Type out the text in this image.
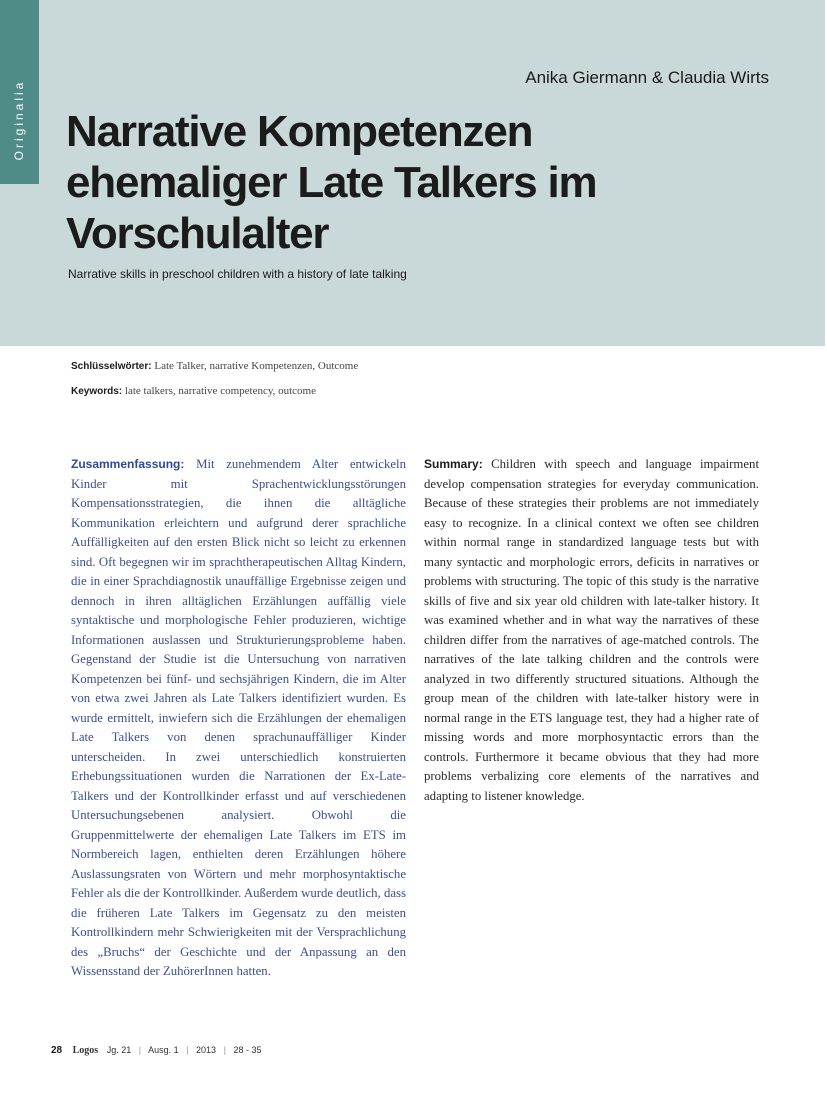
Originalia
Anika Giermann & Claudia Wirts
Narrative Kompetenzen ehemaliger Late Talkers im Vorschulalter
Narrative skills in preschool children with a history of late talking
Schlüsselwörter: Late Talker, narrative Kompetenzen, Outcome
Keywords: late talkers, narrative competency, outcome
Zusammenfassung: Mit zunehmendem Alter entwickeln Kinder mit Sprachentwicklungsstörungen Kompensationsstrategien, die ihnen die alltägliche Kommunikation erleichtern und aufgrund derer sprachliche Auffälligkeiten auf den ersten Blick nicht so leicht zu erkennen sind. Oft begegnen wir im sprachtherapeutischen Alltag Kindern, die in einer Sprachdiagnostik unauffällige Ergebnisse zeigen und dennoch in ihren alltäglichen Erzählungen auffällig viele syntaktische und morphologische Fehler produzieren, wichtige Informationen auslassen und Strukturierungsprobleme haben. Gegenstand der Studie ist die Untersuchung von narrativen Kompetenzen bei fünf- und sechsjährigen Kindern, die im Alter von etwa zwei Jahren als Late Talkers identifiziert wurden. Es wurde ermittelt, inwiefern sich die Erzählungen der ehemaligen Late Talkers von denen sprachunauffälliger Kinder unterscheiden. In zwei unterschiedlich konstruierten Erhebungssituationen wurden die Narrationen der Ex-Late-Talkers und der Kontrollkinder erfasst und auf verschiedenen Untersuchungsebenen analysiert. Obwohl die Gruppenmittelwerte der ehemaligen Late Talkers im ETS im Normbereich lagen, enthielten deren Erzählungen höhere Auslassungsraten von Wörtern und mehr morphosyntaktische Fehler als die der Kontrollkinder. Außerdem wurde deutlich, dass die früheren Late Talkers im Gegensatz zu den meisten Kontrollkindern mehr Schwierigkeiten mit der Versprachlichung des „Bruchs“ der Geschichte und der Anpassung an den Wissensstand der ZuhörerInnen hatten.
Summary: Children with speech and language impairment develop compensation strategies for everyday communication. Because of these strategies their problems are not immediately easy to recognize. In a clinical context we often see children within normal range in standardized language tests but with many syntactic and morphologic errors, deficits in narratives or problems with structuring. The topic of this study is the narrative skills of five and six year old children with late-talker history. It was examined whether and in what way the narratives of these children differ from the narratives of age-matched controls. The narratives of the late talking children and the controls were analyzed in two differently structured situations. Although the group mean of the children with late-talker history were in normal range in the ETS language test, they had a higher rate of missing words and more morphosyntactic errors than the controls. Furthermore it became obvious that they had more problems verbalizing core elements of the narratives and adapting to listener knowledge.
28 Logos Jg. 21 | Ausg. 1 | 2013 | 28 - 35
